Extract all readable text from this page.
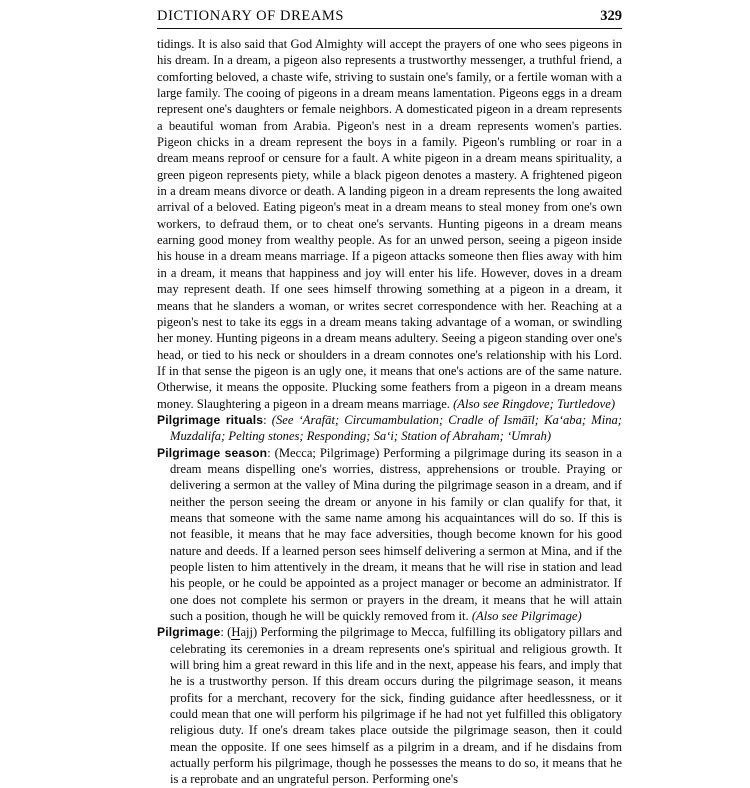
DICTIONARY OF DREAMS	329

tidings. It is also said that God Almighty will accept the prayers of one who sees pigeons in his dream. In a dream, a pigeon also represents a trustworthy messenger, a truthful friend, a comforting beloved, a chaste wife, striving to sustain one's family, or a fertile woman with a large family. The cooing of pigeons in a dream means lamentation. Pigeons eggs in a dream represent one's daughters or female neighbors. A domesticated pigeon in a dream represents a beautiful woman from Arabia. Pigeon's nest in a dream represents women's parties. Pigeon chicks in a dream represent the boys in a family. Pigeon's rumbling or roar in a dream means reproof or censure for a fault. A white pigeon in a dream means spirituality, a green pigeon represents piety, while a black pigeon denotes a mastery. A frightened pigeon in a dream means divorce or death. A landing pigeon in a dream represents the long awaited arrival of a beloved. Eating pigeon's meat in a dream means to steal money from one's own workers, to defraud them, or to cheat one's servants. Hunting pigeons in a dream means earning good money from wealthy people. As for an unwed person, seeing a pigeon inside his house in a dream means marriage. If a pigeon attacks someone then flies away with him in a dream, it means that happiness and joy will enter his life. However, doves in a dream may represent death. If one sees himself throwing something at a pigeon in a dream, it means that he slanders a woman, or writes secret correspondence with her. Reaching at a pigeon's nest to take its eggs in a dream means taking advantage of a woman, or swindling her money. Hunting pigeons in a dream means adultery. Seeing a pigeon standing over one's head, or tied to his neck or shoulders in a dream connotes one's relationship with his Lord. If in that sense the pigeon is an ugly one, it means that one's actions are of the same nature. Otherwise, it means the opposite. Plucking some feathers from a pigeon in a dream means money. Slaughtering a pigeon in a dream means marriage. (Also see Ringdove; Turtledove)

Pilgrimage rituals: (See ‘Arafāt; Circumambulation; Cradle of Ismāīl; Ka‘aba; Mina; Muzdalifa; Pelting stones; Responding; Sa‘i; Station of Abraham; ‘Umrah)

Pilgrimage season: (Mecca; Pilgrimage) Performing a pilgrimage during its season in a dream means dispelling one's worries, distress, apprehensions or trouble. Praying or delivering a sermon at the valley of Mina during the pilgrimage season in a dream, and if neither the person seeing the dream or anyone in his family or clan qualify for that, it means that someone with the same name among his acquaintances will do so. If this is not feasible, it means that he may face adversities, though become known for his good nature and deeds. If a learned person sees himself delivering a sermon at Mina, and if the people listen to him attentively in the dream, it means that he will rise in station and lead his people, or he could be appointed as a project manager or become an administrator. If one does not complete his sermon or prayers in the dream, it means that he will attain such a position, though he will be quickly removed from it. (Also see Pilgrimage)

Pilgrimage: (Hajj) Performing the pilgrimage to Mecca, fulfilling its obligatory pillars and celebrating its ceremonies in a dream represents one's spiritual and religious growth. It will bring him a great reward in this life and in the next, appease his fears, and imply that he is a trustworthy person. If this dream occurs during the pilgrimage season, it means profits for a merchant, recovery for the sick, finding guidance after heedlessness, or it could mean that one will perform his pilgrimage if he had not yet fulfilled this obligatory religious duty. If one's dream takes place outside the pilgrimage season, then it could mean the opposite. If one sees himself as a pilgrim in a dream, and if he disdains from actually perform his pilgrimage, though he possesses the means to do so, it means that he is a reprobate and an ungrateful person. Performing one's
